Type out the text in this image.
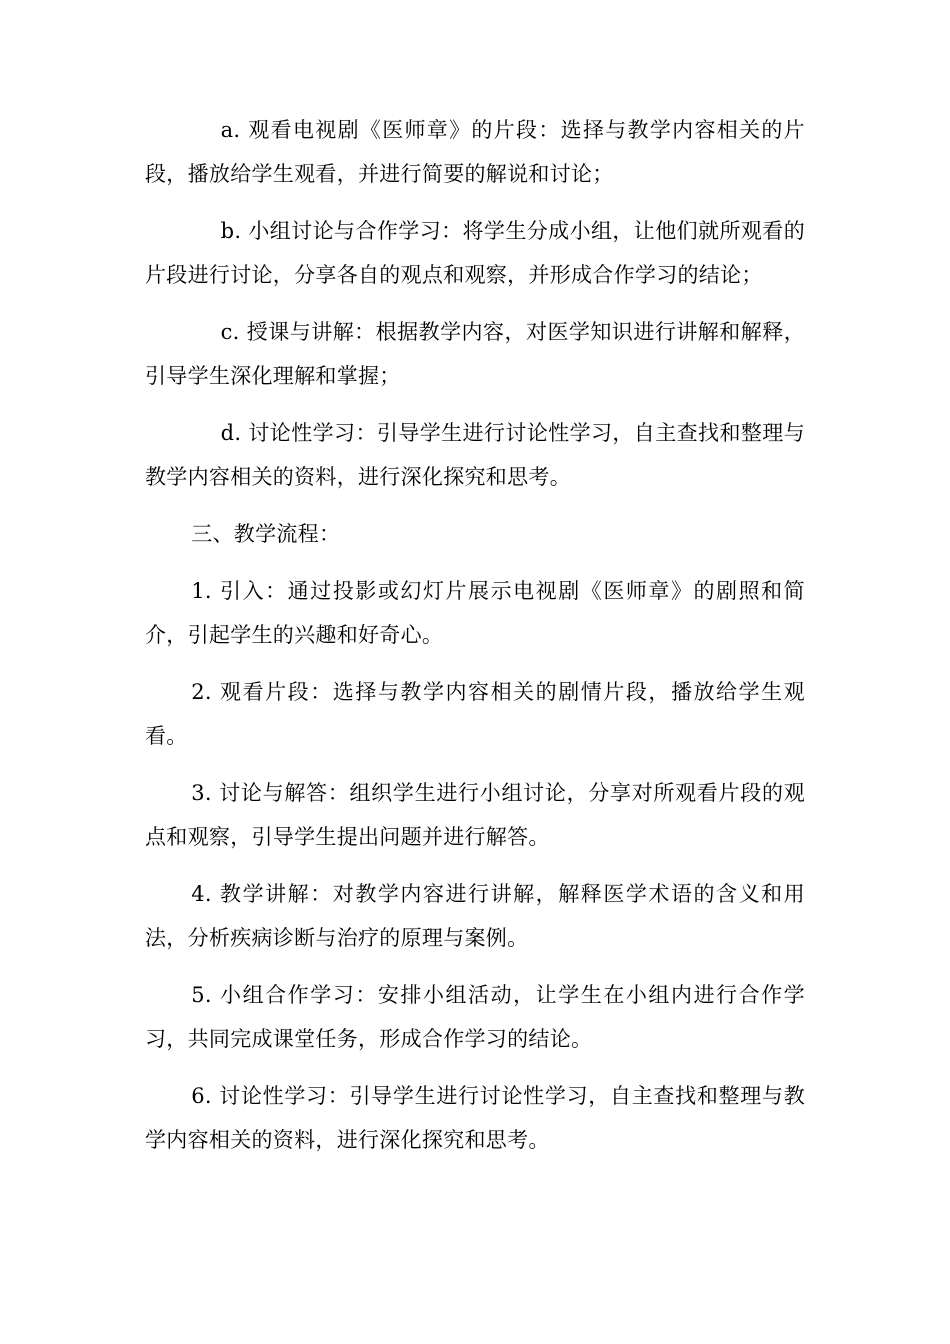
a. 观看电视剧《医师章》的片段：选择与教学内容相关的片段，播放给学生观看，并进行简要的解说和讨论；

b. 小组讨论与合作学习：将学生分成小组，让他们就所观看的片段进行讨论，分享各自的观点和观察，并形成合作学习的结论；

c. 授课与讲解：根据教学内容，对医学知识进行讲解和解释，引导学生深化理解和掌握；

d. 讨论性学习：引导学生进行讨论性学习，自主查找和整理与教学内容相关的资料，进行深化探究和思考。

三、教学流程：

1. 引入：通过投影或幻灯片展示电视剧《医师章》的剧照和简介，引起学生的兴趣和好奇心。

2. 观看片段：选择与教学内容相关的剧情片段，播放给学生观看。

3. 讨论与解答：组织学生进行小组讨论，分享对所观看片段的观点和观察，引导学生提出问题并进行解答。

4. 教学讲解：对教学内容进行讲解，解释医学术语的含义和用法，分析疾病诊断与治疗的原理与案例。

5. 小组合作学习：安排小组活动，让学生在小组内进行合作学习，共同完成课堂任务，形成合作学习的结论。

6. 讨论性学习：引导学生进行讨论性学习，自主查找和整理与教学内容相关的资料，进行深化探究和思考。
